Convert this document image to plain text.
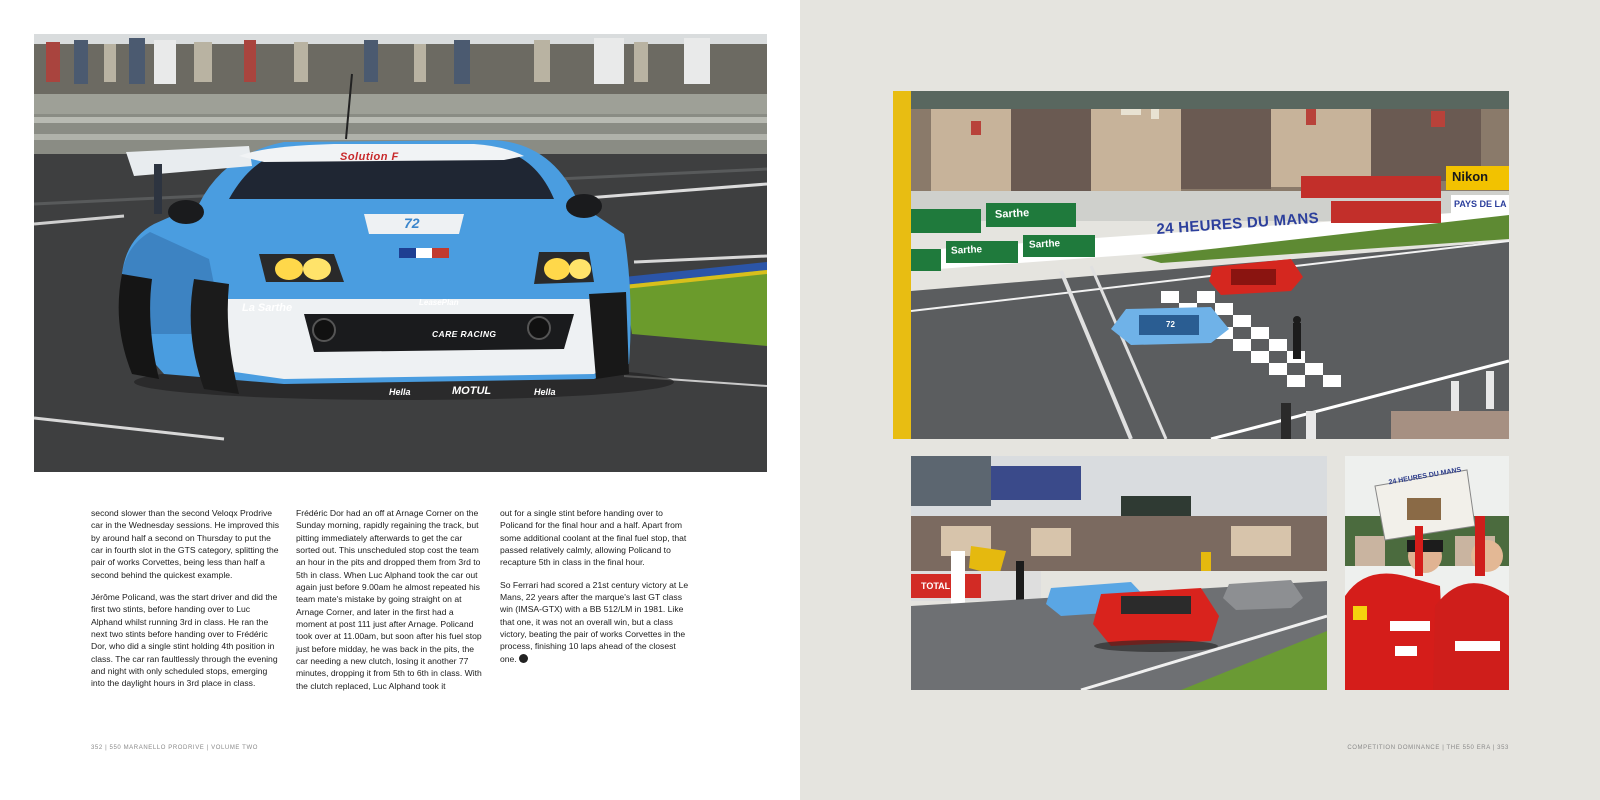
Solution F
72
La Sarthe	LeasePlan
CARE RACING
Hella	MOTUL	Hella

second slower than the second Veloqx Prodrive car in the Wednesday sessions. He improved this by around half a second on Thursday to put the car in fourth slot in the GTS category, splitting the pair of works Corvettes, being less than half a second behind the quickest example.

Jérôme Policand, was the start driver and did the first two stints, before handing over to Luc Alphand whilst running 3rd in class. He ran the next two stints before handing over to Frédéric Dor, who did a single stint holding 4th position in class. The car ran faultlessly through the evening and night with only scheduled stops, emerging into the daylight hours in 3rd place in class.

Frédéric Dor had an off at Arnage Corner on the Sunday morning, rapidly regaining the track, but pitting immediately afterwards to get the car sorted out. This unscheduled stop cost the team an hour in the pits and dropped them from 3rd to 5th in class. When Luc Alphand took the car out again just before 9.00am he almost repeated his team mate's mistake by going straight on at Arnage Corner, and later in the first had a moment at post 111 just after Arnage. Policand took over at 11.00am, but soon after his fuel stop just before midday, he was back in the pits, the car needing a new clutch, losing it another 77 minutes, dropping it from 5th to 6th in class. With the clutch replaced, Luc Alphand took it

out for a single stint before handing over to Policand for the final hour and a half. Apart from some additional coolant at the final fuel stop, that passed relatively calmly, allowing Policand to recapture 5th in class in the final hour.

So Ferrari had scored a 21st century victory at Le Mans, 22 years after the marque's last GT class win (IMSA-GTX) with a BB 512/LM in 1981. Like that one, it was not an overall win, but a class victory, beating the pair of works Corvettes in the process, finishing 10 laps ahead of the closest one.

352 | 550 MARANELLO PRODRIVE | VOLUME TWO
24 HEURES DU MANS
Sarthe
Sarthe	Sarthe
Nikon
PAYS DE LA
72
TOTAL
24 HEURES DU MANS
COMPETITION DOMINANCE | THE 550 ERA | 353
